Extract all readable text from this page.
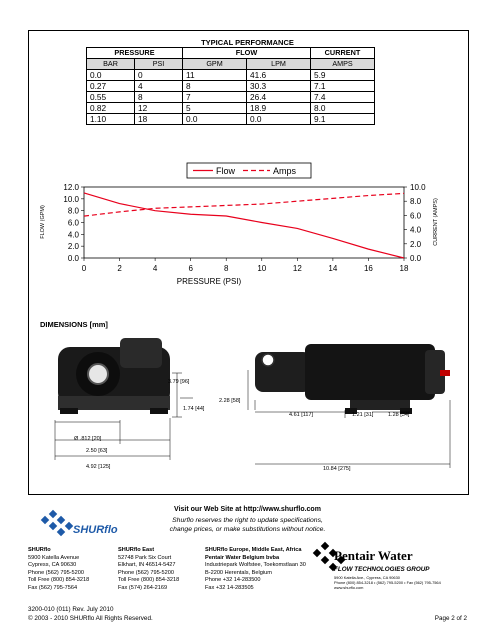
TYPICAL PERFORMANCE
PRESSURE		FLOW		CURRENT
BAR	PSI	GPM	LPM	AMPS
0.0	0	11	41.6	5.9
0.27	4	8	30.3	7.1
0.55	8	7	26.4	7.4
0.82	12	5	18.9	8.0
1.10	18	0.0	0.0	9.1
0	2	4	6	8	10	12	14	16	18
0.0
2.0
4.0
6.0
8.0
10.0
12.0
0.0
2.0
4.0
6.0
8.0
10.0
Flow	Amps
PRESSURE (PSI)
FLOW (GPM)	CURRENT (AMPS)
DIMENSIONS [mm]
3.79 [96]
1.74 [44]
2.28 [58]
Ø .812 [20]
2.50 [63]
4.92 [125]
4.61 [117]	1.21 [31]	1.28 [34]
10.84 [275]
Visit our Web Site at http://www.shurflo.com
Shurflo reserves the right to update specifications,
change prices, or make substitutions without notice.
SHURflo
SHURflo
5900 Katella Avenue
Cypress, CA 90630
Phone (562) 795-5200
Toll Free (800) 854-3218
Fax (562) 795-7564
SHURflo East
52748 Park Six Court
Elkhart, IN 46514-5427
Phone (562) 795-5200
Toll Free (800) 854-3218
Fax (574) 264-2169
SHURflo Europe, Middle East, Africa
Pentair Water Belgium bvba
Industriepark Wolfstee, Toekomstlaan 30
B-2200 Herentals, Belgium
Phone +32 14-283500
Fax +32 14-283505
Pentair Water
FLOW TECHNOLOGIES GROUP
5900 Katella Ave., Cypress, CA 90630
Phone (800) 854-3218 • (562) 795-5200 • Fax (562) 795-7564
www.shurflo.com
3200-010 (011) Rev. July 2010
© 2003 - 2010 SHURflo All Rights Reserved.	Page 2 of 2
